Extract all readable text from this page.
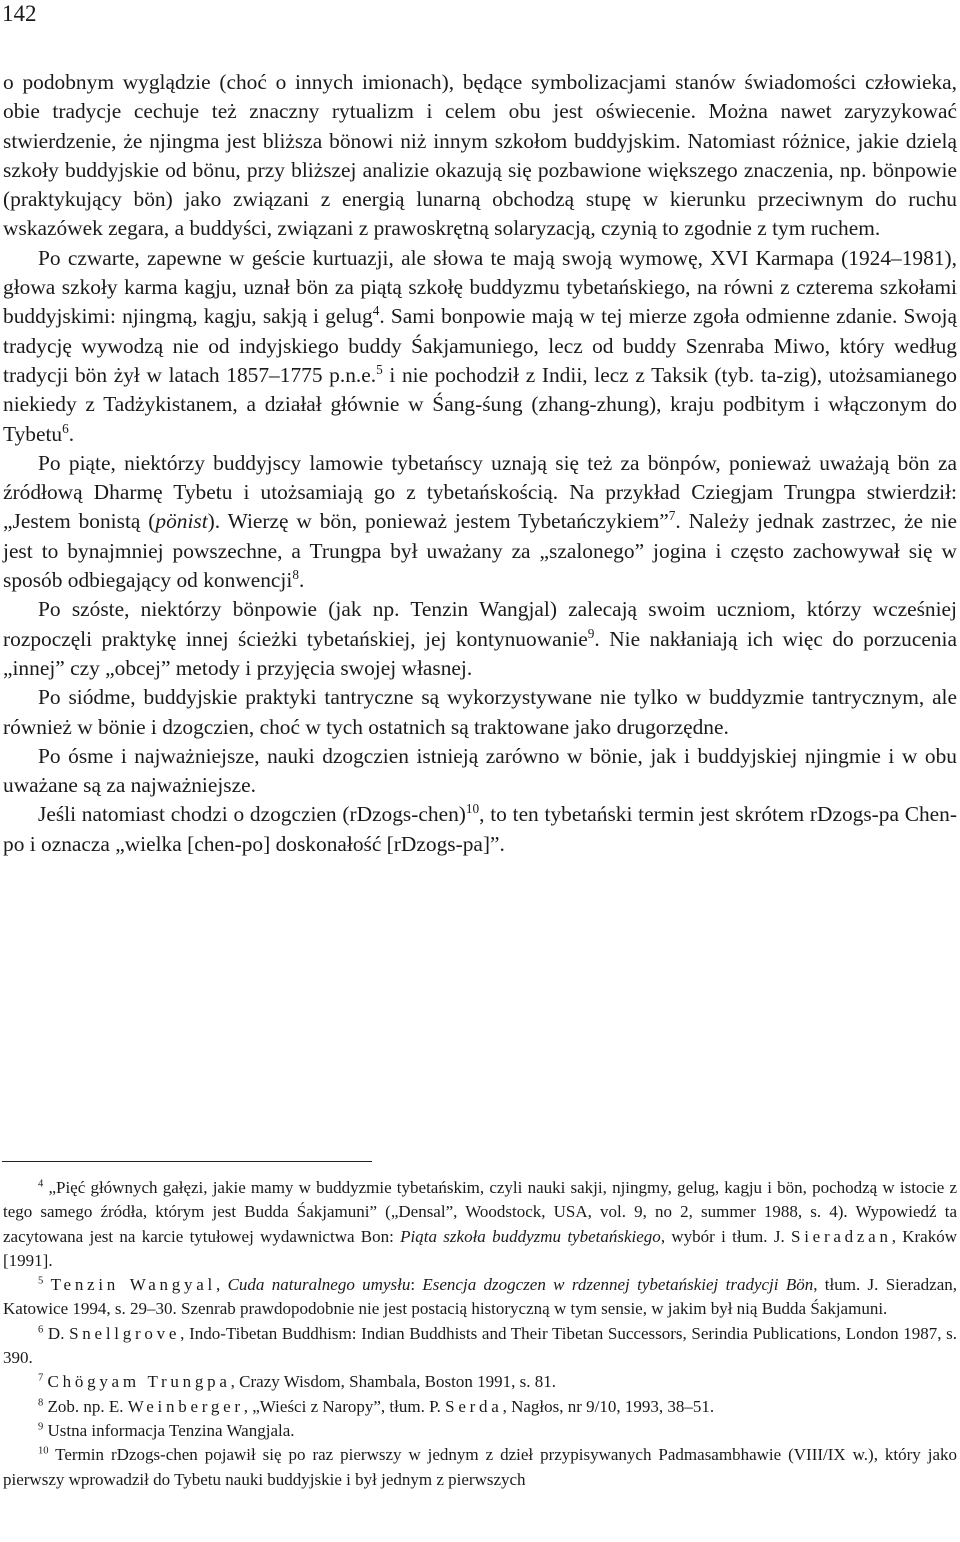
142

o podobnym wyglądzie (choć o innych imionach), będące symbolizacjami stanów świadomości człowieka, obie tradycje cechuje też znaczny rytualizm i celem obu jest oświecenie. Można nawet zaryzykować stwierdzenie, że njingma jest bliższa bönowi niż innym szkołom buddyjskim. Natomiast różnice, jakie dzielą szkoły buddyjskie od bönu, przy bliższej analizie okazują się pozbawione większego znaczenia, np. bönpowie (praktykujący bön) jako związani z energią lunarną obchodzą stupę w kierunku przeciwnym do ruchu wskazówek zegara, a buddyści, związani z prawoskrętną solaryzacją, czynią to zgodnie z tym ruchem.

Po czwarte, zapewne w geście kurtuazji, ale słowa te mają swoją wymowę, XVI Karmapa (1924–1981), głowa szkoły karma kagju, uznał bön za piątą szkołę buddyzmu tybetańskiego, na równi z czterema szkołami buddyjskimi: njingmą, kagju, sakją i gelug$^4$. Sami bonpowie mają w tej mierze zgoła odmienne zdanie. Swoją tradycję wywodzą nie od indyjskiego buddy Śakjamuniego, lecz od buddy Szenraba Miwo, który według tradycji bön żył w latach 1857–1775 p.n.e.$^5$ i nie pochodził z Indii, lecz z Taksik (tyb. ta-zig), utożsamianego niekiedy z Tadżykistanem, a działał głównie w Śang-śung (zhang-zhung), kraju podbitym i włączonym do Tybetu$^6$.

Po piąte, niektórzy buddyjscy lamowie tybetańscy uznają się też za bönpów, ponieważ uważają bön za źródłową Dharmę Tybetu i utożsamiają go z tybetańskością. Na przykład Cziegjam Trungpa stwierdził: „Jestem bonistą (pönist). Wierzę w bön, ponieważ jestem Tybetańczykiem”$^7$. Należy jednak zastrzec, że nie jest to bynajmniej powszechne, a Trungpa był uważany za „szalonego” jogina i często zachowywał się w sposób odbiegający od konwencji$^8$.

Po szóste, niektórzy bönpowie (jak np. Tenzin Wangjal) zalecają swoim uczniom, którzy wcześniej rozpoczęli praktykę innej ścieżki tybetańskiej, jej kontynuowanie$^9$. Nie nakłaniają ich więc do porzucenia „innej” czy „obcej” metody i przyjęcia swojej własnej.

Po siódme, buddyjskie praktyki tantryczne są wykorzystywane nie tylko w buddyzmie tantrycznym, ale również w bönie i dzogczien, choć w tych ostatnich są traktowane jako drugorzędne.

Po ósme i najważniejsze, nauki dzogczien istnieją zarówno w bönie, jak i buddyjskiej njingmie i w obu uważane są za najważniejsze.

Jeśli natomiast chodzi o dzogczien (rDzogs-chen)$^{10}$, to ten tybetański termin jest skrótem rDzogs-pa Chen-po i oznacza „wielka [chen-po] doskonałość [rDzogs-pa]”.

$^4$ „Pięć głównych gałęzi, jakie mamy w buddyzmie tybetańskim, czyli nauki sakji, njingmy, gelug, kagju i bön, pochodzą w istocie z tego samego źródła, którym jest Budda Śakjamuni” („Densal”, Woodstock, USA, vol. 9, no 2, summer 1988, s. 4). Wypowiedź ta zacytowana jest na karcie tytułowej wydawnictwa Bon: Piąta szkoła buddyzmu tybetańskiego, wybór i tłum. J. Sieradzan, Kraków [1991].

$^5$ Tenzin Wangyal, Cuda naturalnego umysłu: Esencja dzogczen w rdzennej tybetańskiej tradycji Bön, tłum. J. Sieradzan, Katowice 1994, s. 29–30. Szenrab prawdopodobnie nie jest postacią historyczną w tym sensie, w jakim był nią Budda Śakjamuni.

$^6$ D. Snellgrove, Indo-Tibetan Buddhism: Indian Buddhists and Their Tibetan Successors, Serindia Publications, London 1987, s. 390.

$^7$ Chögyam Trungpa, Crazy Wisdom, Shambala, Boston 1991, s. 81.

$^8$ Zob. np. E. Weinberger, „Wieści z Naropy”, tłum. P. Serda, Nagłos, nr 9/10, 1993, 38–51.

$^9$ Ustna informacja Tenzina Wangjala.

$^{10}$ Termin rDzogs-chen pojawił się po raz pierwszy w jednym z dzieł przypisywanych Padmasambhawie (VIII/IX w.), który jako pierwszy wprowadził do Tybetu nauki buddyjskie i był jednym z pierwszych
